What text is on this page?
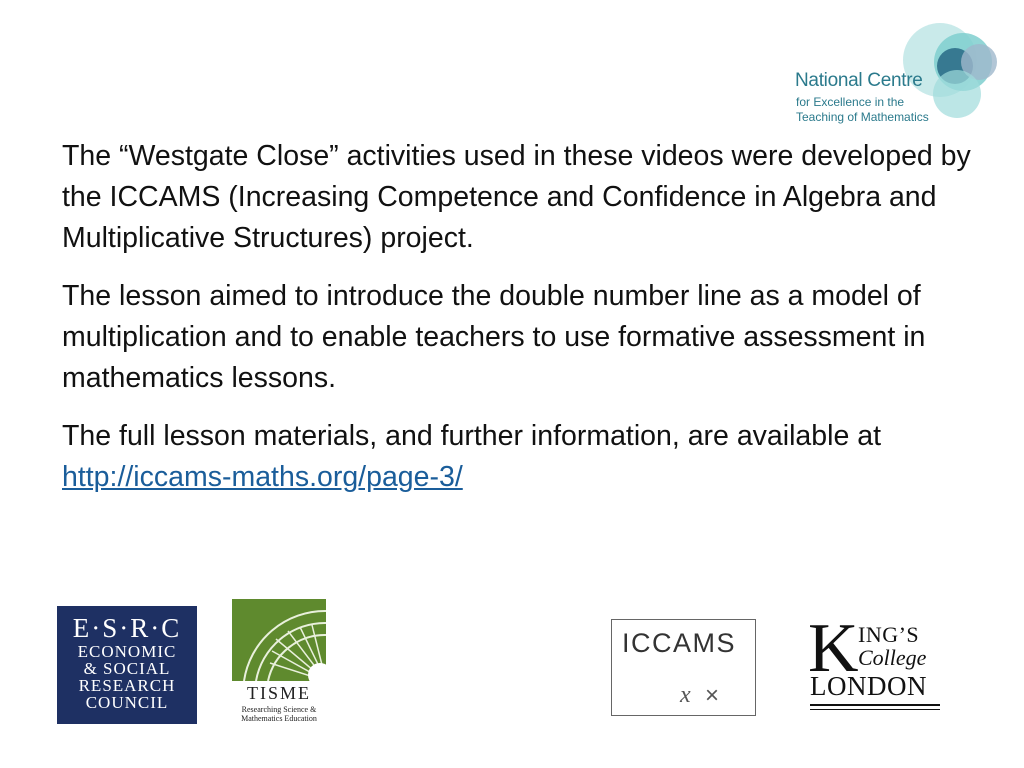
National Centre
for Excellence in the
Teaching of Mathematics

The “Westgate Close” activities used in these videos were developed by the ICCAMS (Increasing Competence and Confidence in Algebra and Multiplicative Structures) project.

The lesson aimed to introduce the double number line as a model of multiplication and to enable teachers to use formative assessment in mathematics lessons.

The full lesson materials, and further information, are available at http://iccams-maths.org/page-3/

E·S·R·C
ECONOMIC
& SOCIAL
RESEARCH
COUNCIL	TISME
Researching Science &
Mathematics Education
ICCAMS
x ×
K ING’S
College
LONDON
